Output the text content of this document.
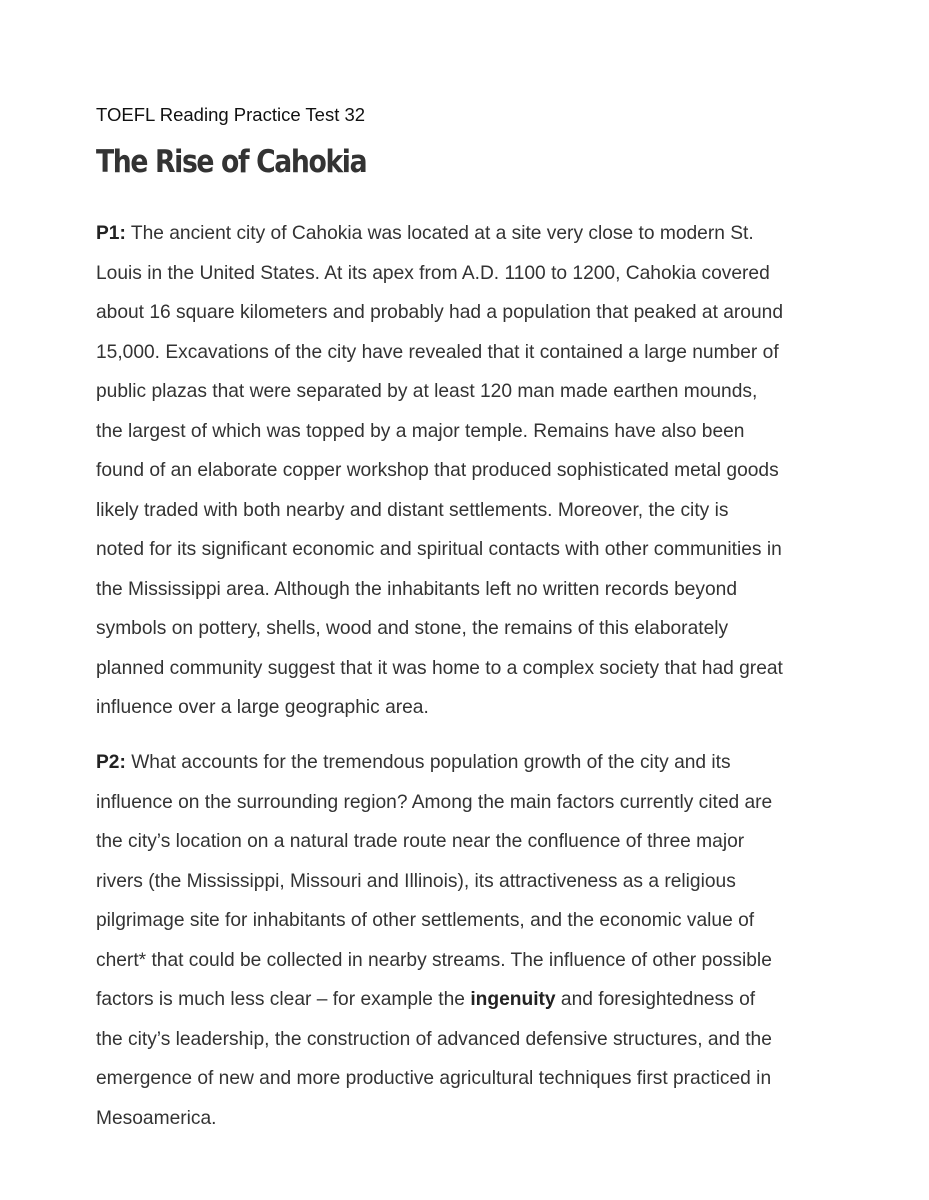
TOEFL Reading Practice Test 32
The Rise of Cahokia
P1: The ancient city of Cahokia was located at a site very close to modern St.
Louis in the United States. At its apex from A.D. 1100 to 1200, Cahokia covered
about 16 square kilometers and probably had a population that peaked at around
15,000. Excavations of the city have revealed that it contained a large number of
public plazas that were separated by at least 120 man made earthen mounds,
the largest of which was topped by a major temple. Remains have also been
found of an elaborate copper workshop that produced sophisticated metal goods
likely traded with both nearby and distant settlements. Moreover, the city is
noted for its significant economic and spiritual contacts with other communities in
the Mississippi area. Although the inhabitants left no written records beyond
symbols on pottery, shells, wood and stone, the remains of this elaborately
planned community suggest that it was home to a complex society that had great
influence over a large geographic area.
P2: What accounts for the tremendous population growth of the city and its
influence on the surrounding region? Among the main factors currently cited are
the city’s location on a natural trade route near the confluence of three major
rivers (the Mississippi, Missouri and Illinois), its attractiveness as a religious
pilgrimage site for inhabitants of other settlements, and the economic value of
chert* that could be collected in nearby streams. The influence of other possible
factors is much less clear – for example the ingenuity and foresightedness of
the city’s leadership, the construction of advanced defensive structures, and the
emergence of new and more productive agricultural techniques first practiced in
Mesoamerica.
